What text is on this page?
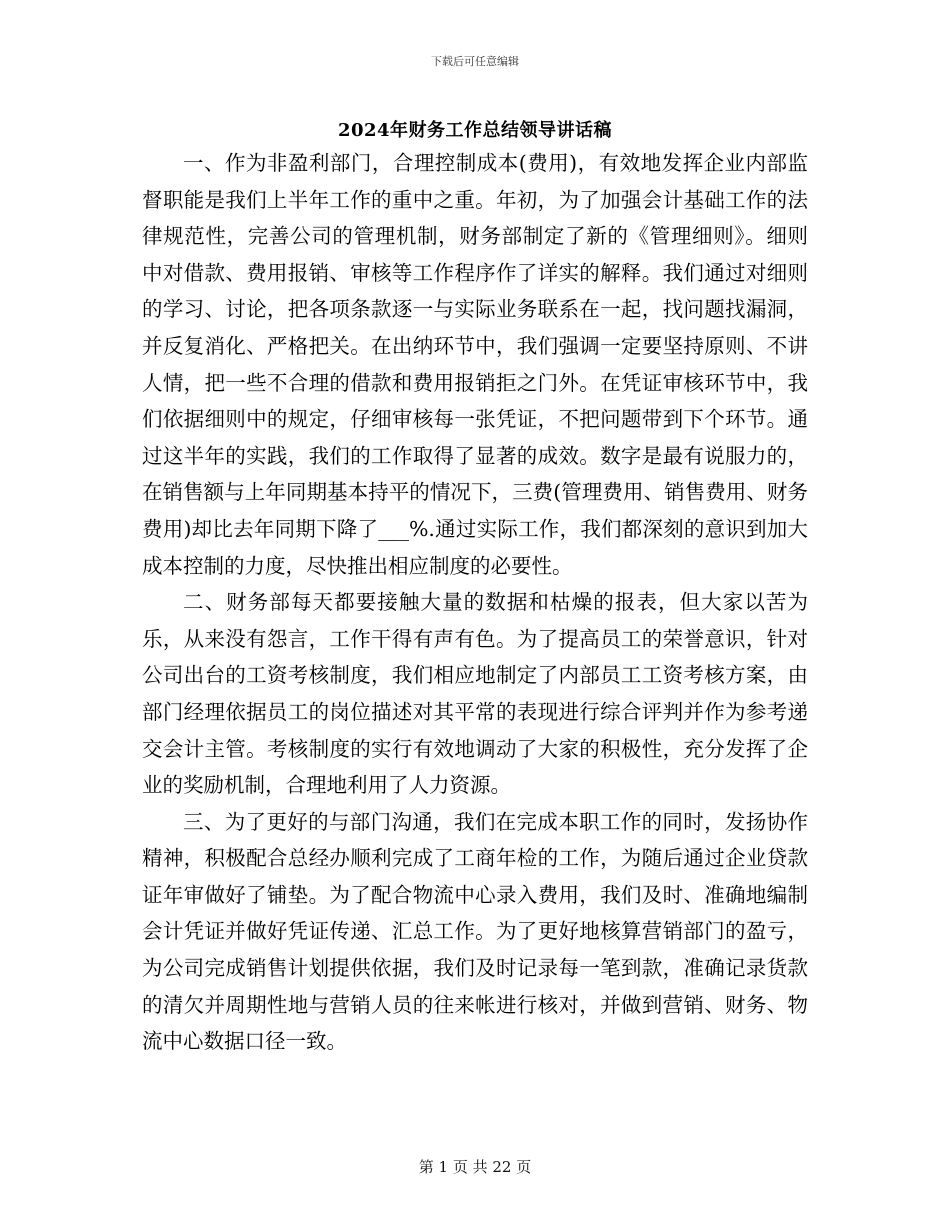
下载后可任意编辑
2024年财务工作总结领导讲话稿

一、作为非盈利部门，合理控制成本(费用)，有效地发挥企业内部监督职能是我们上半年工作的重中之重。年初，为了加强会计基础工作的法律规范性，完善公司的管理机制，财务部制定了新的《管理细则》。细则中对借款、费用报销、审核等工作程序作了详实的解释。我们通过对细则的学习、讨论，把各项条款逐一与实际业务联系在一起，找问题找漏洞，并反复消化、严格把关。在出纳环节中，我们强调一定要坚持原则、不讲人情，把一些不合理的借款和费用报销拒之门外。在凭证审核环节中，我们依据细则中的规定，仔细审核每一张凭证，不把问题带到下个环节。通过这半年的实践，我们的工作取得了显著的成效。数字是最有说服力的，在销售额与上年同期基本持平的情况下，三费(管理费用、销售费用、财务费用)却比去年同期下降了___%.通过实际工作，我们都深刻的意识到加大成本控制的力度，尽快推出相应制度的必要性。

二、财务部每天都要接触大量的数据和枯燥的报表，但大家以苦为乐，从来没有怨言，工作干得有声有色。为了提高员工的荣誉意识，针对公司出台的工资考核制度，我们相应地制定了内部员工工资考核方案，由部门经理依据员工的岗位描述对其平常的表现进行综合评判并作为参考递交会计主管。考核制度的实行有效地调动了大家的积极性，充分发挥了企业的奖励机制，合理地利用了人力资源。

三、为了更好的与部门沟通，我们在完成本职工作的同时，发扬协作精神，积极配合总经办顺利完成了工商年检的工作，为随后通过企业贷款证年审做好了铺垫。为了配合物流中心录入费用，我们及时、准确地编制会计凭证并做好凭证传递、汇总工作。为了更好地核算营销部门的盈亏，为公司完成销售计划提供依据，我们及时记录每一笔到款，准确记录货款的清欠并周期性地与营销人员的往来帐进行核对，并做到营销、财务、物流中心数据口径一致。

第 1 页 共 22 页
